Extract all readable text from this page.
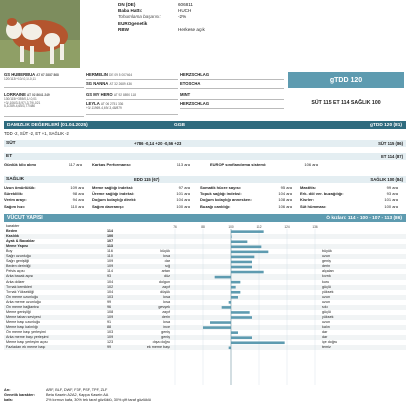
DN (DE)	606811
Baba Hattı:	HUCH
Tohumlama başarısı:	-2%
EUROgenetik
RBW	Herkese açık
GS HUBERBUA AT 67 2887 868
120/113/+10/-0,1/-0,11
HERMELIN DE 09 5 007464	HERZSCHLAG
SG NANNA AT 32 2689 436	ETOSCHA
LORRAINE AT 02 8641 249
130/115/+355/0,1/-0,01
+3/-106/3-5,97/-3,79/-021
5,1/289-4,65/3,77/480
GS MY HERO AT 92 8890 118	MINT
LEYLA AT 06 2751 336
+3/-11969-4,69/-3,48/879
HERZSCHLAG
gTDD 120
SÜT 115 ET 114 SAĞLIK 100
DAMIZLIK DEĞERLERİ (01.04.2025)	GGB	gTDD 120 (81)
TDD -2, SÜT -2, ET +1, SAĞLIK -2
SÜT	+786 -0,14 +20 -0,56 +23	SÜT 115 (86)
ET	ET 114 (87)
Günlük kilo alımı	117 ara	Karkas Performansı:	113 ara	EUROP sınıflandırma sistemi:	106 ara
SAĞLIK	EDD 115 (67)	SAĞLIK 100 (84)
Uzun ömürlülük:	109 ara Meme sağlığı indeksi:	97 ara	Somatik hücre sayısı:	95 ara Mastitis:	99 ara
Süreklilik:	98 ara Üreme sağlığı indeksi:	101 ara	Topuk sağlığı indeksi:	104 ara Erk. döl ver. buzağılığı:	93 ara
Verim arayı:	94 ara Doğum kolaylığı direkt:	104 ara	Doğum kolaylığı annesken:	108 ara Kisrler:	101 ara
Sağım hızı:	110 ara Sağım davranışı:	100 ara	Buzağı canlılığı:	106 ara Süt hümması:	100 ara
VÜCUT YAPISI	Ö kızları: 114 - 100 - 107 - 113 (86)
karakter
Beden	114
Kaslılık	100
Ayak & Bacaklar	107
Meme Yapısı	113
Boy	116	küçük	büyük
Sağrı uzunluğu	110	kısa	uzun
Sağrı genişliği	109	dar	geniş
Beden derinliği	109	sığ	derin
Pelvis açısı	114	artan	alçalan
Arka bacak açısı	93	düz	kıvrık
Arka ddizer	104	dolgun	kuru
Tırnak kemikleri	102	zayıf	güçlü
Tırnak Yüksekliği	104	düşük	yüksek
Ön meme uzunluğu	103	kısa	uzun
Arka meme uzunluğu	99	kısa	uzun
Ön meme bağlantısı	96	gevşek	sıkı
Meme genişliği	108	zayıf	güçlü
Meme taban seviyesi	109	derin	yüksek
Meme başı uzunluğu	91	kısa	uzun
Meme başı kalınlığı	88	ince	kalın
Ön meme başı yerleşimi	103	geniş	dar
Arka meme başı yerleşimi	109	geniş	dar
Meme başı yerleşim açısı	123	dışa doğru	içe doğru
Fazladan ek meme başı	99	ek meme başı	temiz
76	88	100	112	124	136
Arı:	ARF, BLF, DWF, F3F, PSF, TPF, ZLF
Genetik karakter:	Beta Kasein A2A2, Kappa Kasein AA
kafa:	2% kırmızı kafa, 30% tek taraf gözlüklü, 30% çift taraf gözlüklü
